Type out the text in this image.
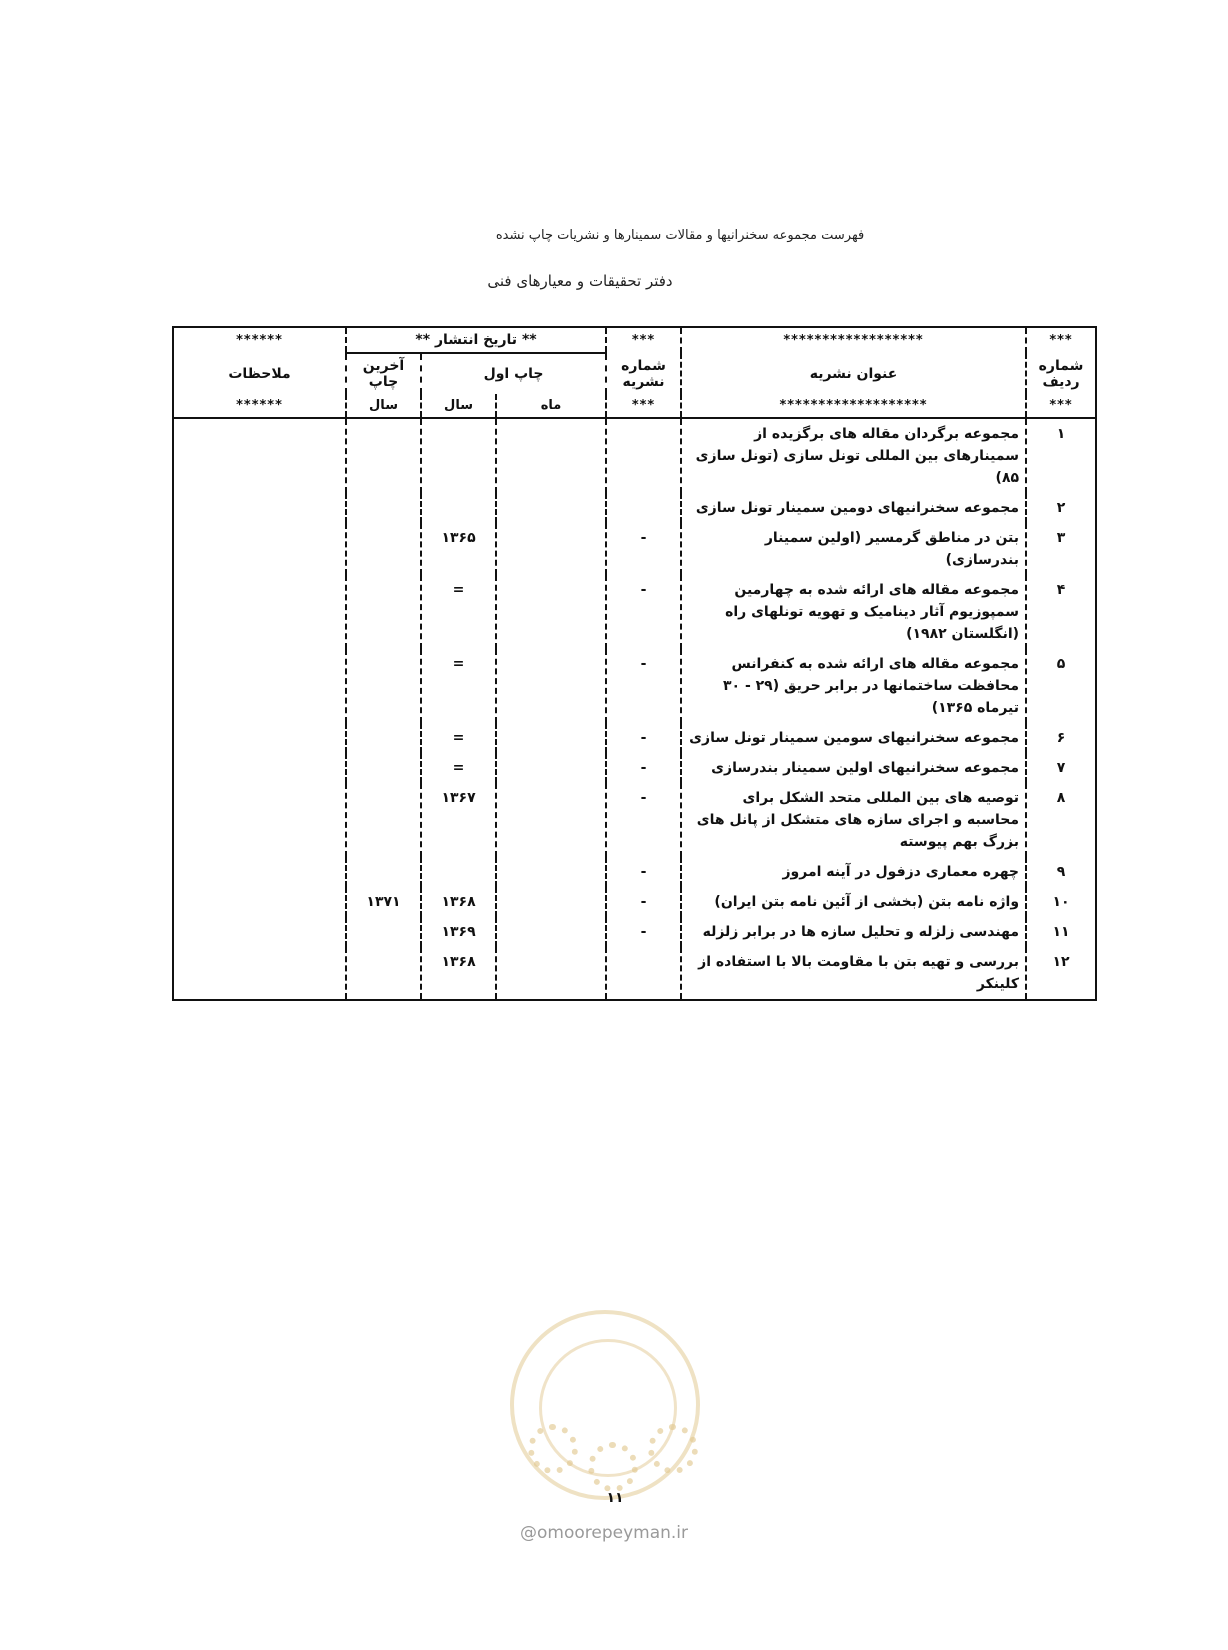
فهرست مجموعه سخنرانیها و مقالات سمینارها و نشریات چاپ نشده
دفتر تحقیقات و معیارهای فنی
***	******************	***	** تاریخ انتشار **			******
شماره ردیف	عنوان نشریه	شماره نشریه	چاپ اول		آخرین چاپ	ملاحظات
***	*******************	***	ماه	سال	سال	******
۱	مجموعه برگردان مقاله های برگزیده از سمینارهای بین المللی تونل سازی (تونل سازی ۸۵)					
۲	مجموعه سخنرانیهای دومین سمینار تونل سازی					
۳	بتن در مناطق گرمسیر (اولین سمینار بندرسازی)	-		۱۳۶۵		
۴	مجموعه مقاله های ارائه شده به چهارمین سمپوزیوم آثار دینامیک و تهویه تونلهای راه (انگلستان ۱۹۸۲)	-		=		
۵	مجموعه مقاله های ارائه شده به کنفرانس محافظت ساختمانها در برابر حریق (۲۹ - ۳۰ تیرماه ۱۳۶۵)	-		=		
۶	مجموعه سخنرانیهای سومین سمینار تونل سازی	-		=		
۷	مجموعه سخنرانیهای اولین سمینار بندرسازی	-		=		
۸	توصیه های بین المللی متحد الشکل برای محاسبه و اجرای سازه های متشکل از پانل های بزرگ بهم پیوسته	-		۱۳۶۷		
۹	چهره معماری دزفول در آینه امروز	-				
۱۰	واژه نامه بتن (بخشی از آئین نامه بتن ایران)	-		۱۳۶۸	۱۳۷۱	
۱۱	مهندسی زلزله و تحلیل سازه ها در برابر زلزله	-		۱۳۶۹		
۱۲	بررسی و تهیه بتن با مقاومت بالا با استفاده از کلینکر			۱۳۶۸		
۱۱
@omoorepeyman.ir
